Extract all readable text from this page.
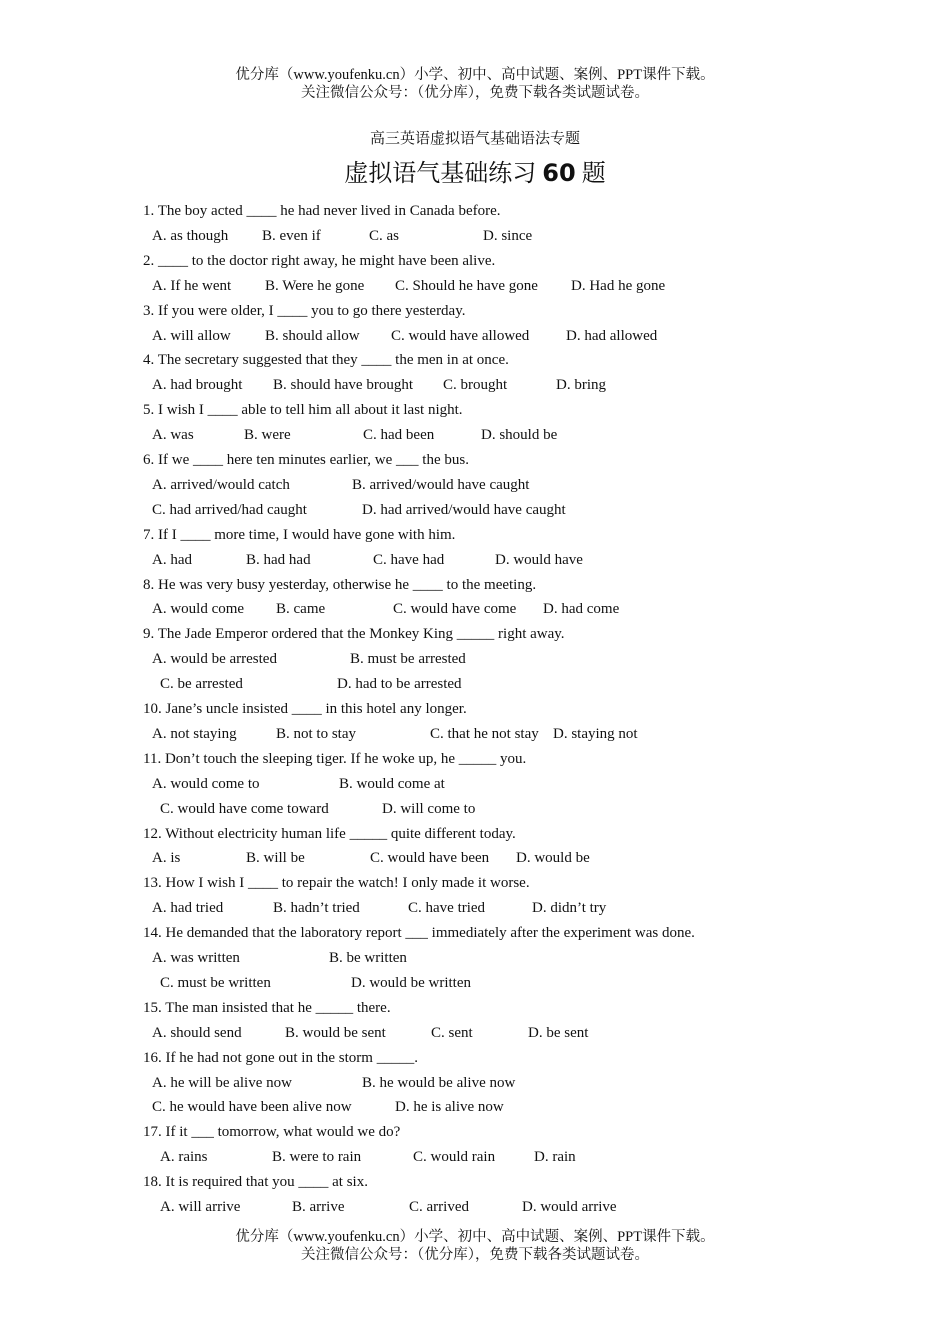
优分库（www.youfenku.cn）小学、初中、高中试题、案例、PPT课件下载。
关注微信公众号：（优分库），免费下载各类试题试卷。
高三英语虚拟语气基础语法专题
虚拟语气基础练习 60 题
1. The boy acted ____ he had never lived in Canada before.
A. as though B. even if	C. as	D. since
2. ____ to the doctor right away, he might have been alive.
A. If he went B. Were he gone C. Should he have gone D. Had he gone
3. If you were older, I ____ you to go there yesterday.
A. will allow B. should allow C. would have allowed D. had allowed
4. The secretary suggested that they ____ the men in at once.
A. had brought B. should have brought C. brought	D. bring
5. I wish I ____ able to tell him all about it last night.
A. was	B. were	C. had been	D. should be
6. If we ____ here ten minutes earlier, we ___ the bus.
A. arrived/would catch	B. arrived/would have caught
C. had arrived/had caught	D. had arrived/would have caught
7. If I ____ more time, I would have gone with him.
A. had	B. had had	C. have had	D. would have
8. He was very busy yesterday, otherwise he ____ to the meeting.
A. would come B. came	C. would have come D. had come
9. The Jade Emperor ordered that the Monkey King _____ right away.
A. would be arrested	B. must be arrested
C. be arrested	D. had to be arrested
10. Jane’s uncle insisted ____ in this hotel any longer.
A. not staying	B. not to stay	C. that he not stay D. staying not
11. Don’t touch the sleeping tiger. If he woke up, he _____ you.
A. would come to	B. would come at
C. would have come toward	D. will come to
12. Without electricity human life _____ quite different today.
A. is	B. will be	C. would have been D. would be
13. How I wish I ____ to repair the watch! I only made it worse.
A. had tried	B. hadn’t tried	C. have tried	D. didn’t try
14. He demanded that the laboratory report ___ immediately after the experiment was done.
A. was written	B. be written
C. must be written	D. would be written
15. The man insisted that he _____ there.
A. should send	B. would be sent	C. sent	D. be sent
16. If he had not gone out in the storm _____.
A. he will be alive now	B. he would be alive now
C. he would have been alive now	D. he is alive now
17. If it ___ tomorrow, what would we do?
A. rains	B. were to rain	C. would rain	D. rain
18. It is required that you ____ at six.
A. will arrive	B. arrive	C. arrived	D. would arrive
优分库（www.youfenku.cn）小学、初中、高中试题、案例、PPT课件下载。
关注微信公众号：（优分库），免费下载各类试题试卷。
